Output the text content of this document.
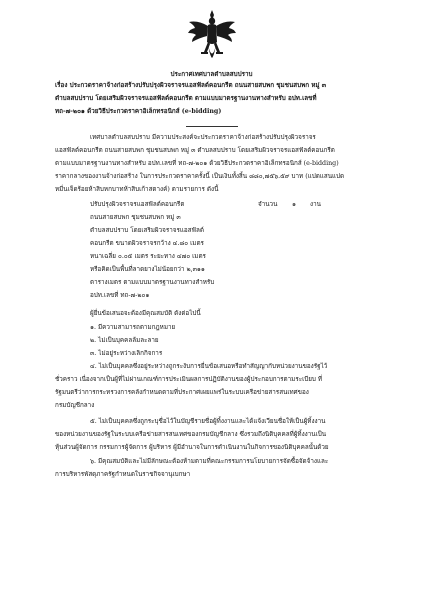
ประกาศเทศบาลตำบลสบปราบ
เรื่อง ประกวดราคาจ้างก่อสร้างปรับปรุงผิวจราจรแอสฟัลต์คอนกรีต ถนนสายสบพก ชุมชนสบพก หมู่ ๓
ตำบลสบปราบ โดยเสริมผิวจราจรแอสฟัลต์คอนกรีต ตามแบบมาตรฐานงานทางสำหรับ อปท.เลขที่
ทถ-๗-๒๐๑ ด้วยวิธีประกวดราคาอิเล็กทรอนิกส์ (e-bidding)
เทศบาลตำบลสบปราบ มีความประสงค์จะประกวดราคาจ้างก่อสร้างปรับปรุงผิวจราจร
แอสฟัลต์คอนกรีต ถนนสายสบพก ชุมชนสบพก หมู่ ๓ ตำบลสบปราบ โดยเสริมผิวจราจรแอสฟัลต์คอนกรีต
ตามแบบมาตรฐานงานทางสำหรับ อปท.เลขที่ ทถ-๗-๒๐๑ ด้วยวิธีประกวดราคาอิเล็กทรอนิกส์ (e-bidding)
ราคากลางของงานจ้างก่อสร้าง ในการประกวดราคาครั้งนี้ เป็นเงินทั้งสิ้น ๘๘๐,๗๕๖.๕๙ บาท (แปดแสนแปด
หมื่นเจ็ดร้อยห้าสิบหกบาทห้าสิบเก้าสตางค์) ตามรายการ ดังนี้
ปรับปรุงผิวจราจรแอสฟัลต์คอนกรีต	จำนวน ๑ งาน
ถนนสายสบพก ชุมชนสบพก หมู่ ๓
ตำบลสบปราบ โดยเสริมผิวจราจรแอสฟัลต์
คอนกรีต ขนาดผิวจราจรกว้าง ๔.๘๐ เมตร
หนาเฉลี่ย ๐.๐๕ เมตร ระยะทาง ๔๗๐ เมตร
หรือคิดเป็นพื้นที่ลาดยางไม่น้อยกว่า ๒,๓๑๑
ตารางเมตร ตามแบบมาตรฐานงานทางสำหรับ
อปท.เลขที่ ทถ-๗-๒๐๑
ผู้ยื่นข้อเสนอจะต้องมีคุณสมบัติ ดังต่อไปนี้
๑. มีความสามารถตามกฎหมาย
๒. ไม่เป็นบุคคลล้มละลาย
๓. ไม่อยู่ระหว่างเลิกกิจการ
๔. ไม่เป็นบุคคลซึ่งอยู่ระหว่างถูกระงับการยื่นข้อเสนอหรือทำสัญญากับหน่วยงานของรัฐไว้
ชั่วคราว เนื่องจากเป็นผู้ที่ไม่ผ่านเกณฑ์การประเมินผลการปฏิบัติงานของผู้ประกอบการตามระเบียบ ที่
รัฐมนตรีว่าการกระทรวงการคลังกำหนดตามที่ประกาศเผยแพร่ในระบบเครือข่ายสารสนเทศของ
กรมบัญชีกลาง
๕. ไม่เป็นบุคคลซึ่งถูกระบุชื่อไว้ในบัญชีรายชื่อผู้ทิ้งงานและได้แจ้งเวียนชื่อให้เป็นผู้ทิ้งงาน
ของหน่วยงานของรัฐในระบบเครือข่ายสารสนเทศของกรมบัญชีกลาง ซึ่งรวมถึงนิติบุคคลที่ผู้ทิ้งงานเป็น
หุ้นส่วนผู้จัดการ กรรมการผู้จัดการ ผู้บริหาร ผู้มีอำนาจในการดำเนินงานในกิจการของนิติบุคคลนั้นด้วย
๖. มีคุณสมบัติและไม่มีลักษณะต้องห้ามตามที่คณะกรรมการนโยบายการจัดซื้อจัดจ้างและ
การบริหารพัสดุภาครัฐกำหนดในราชกิจจานุเบกษา
